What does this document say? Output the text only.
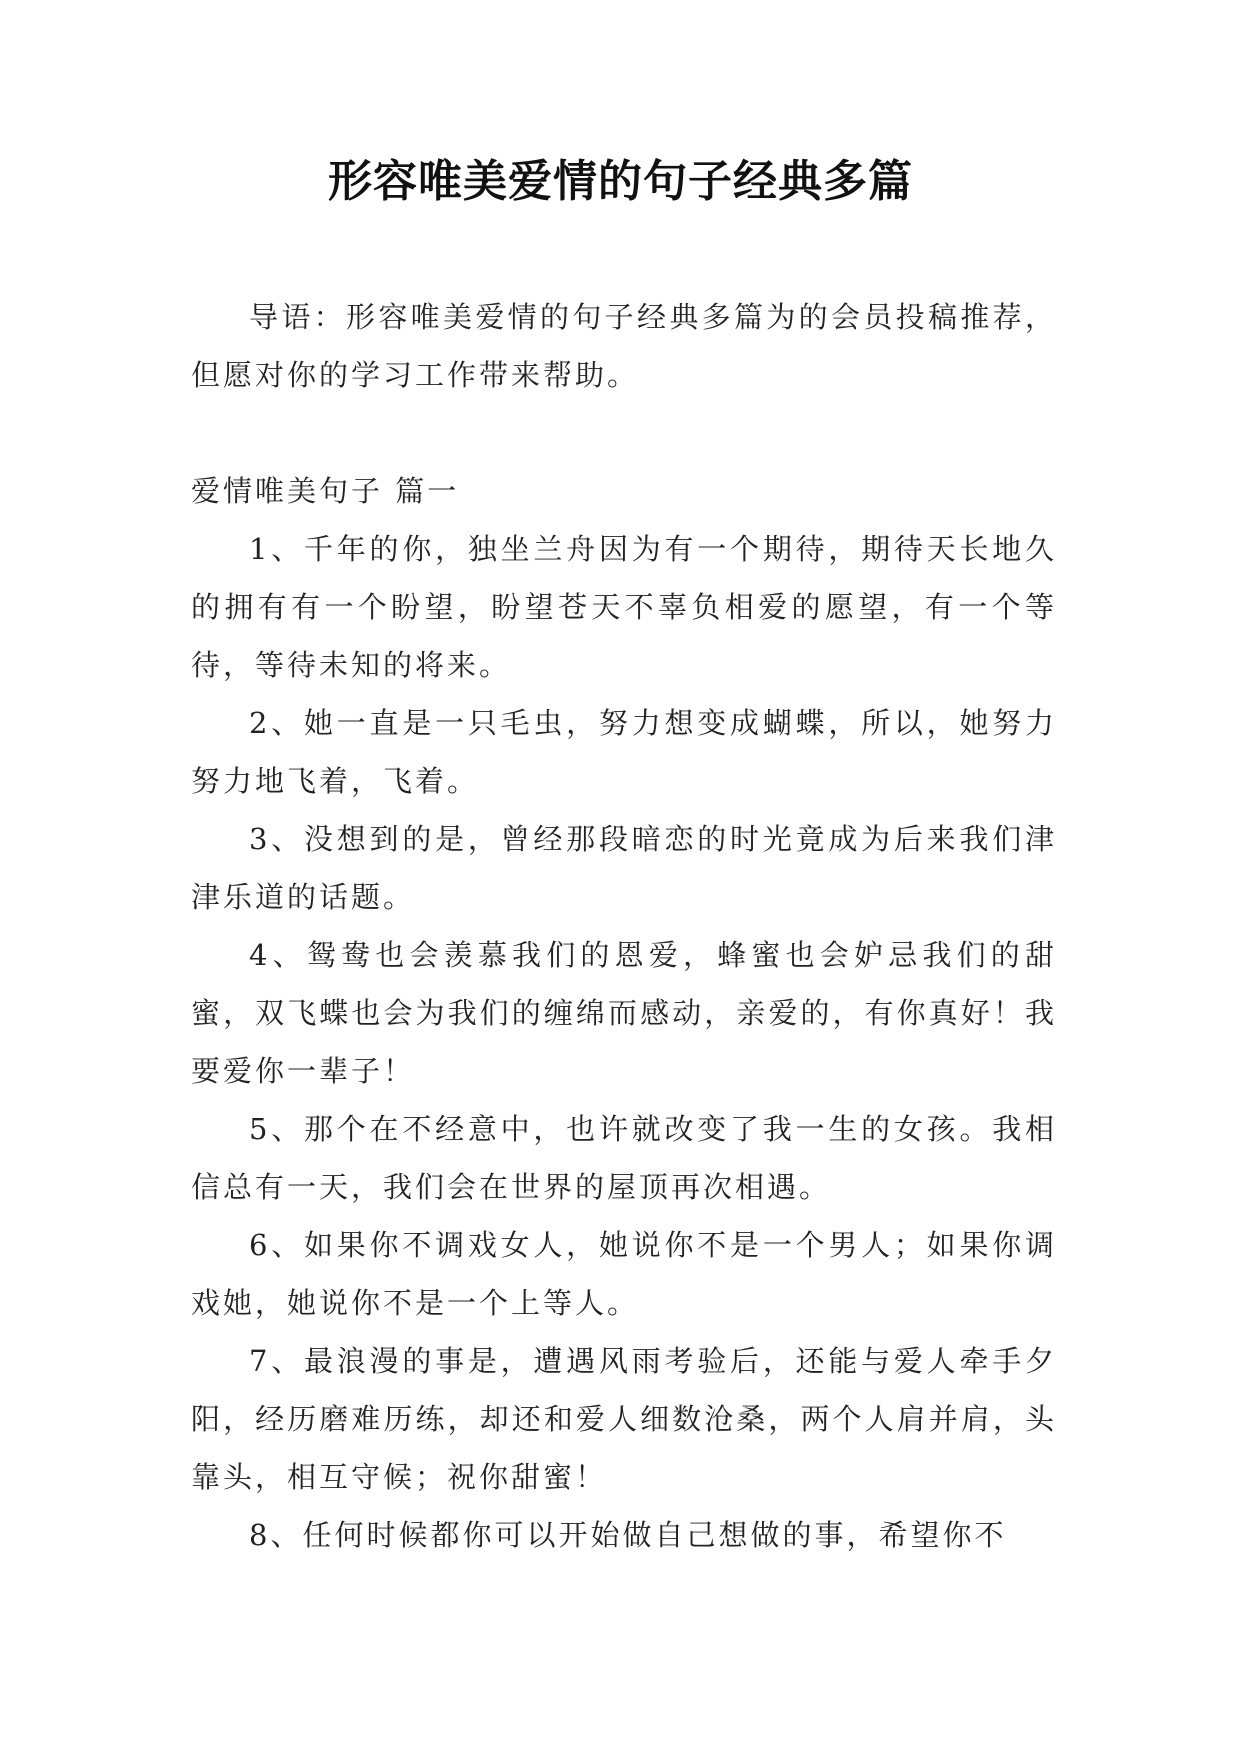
形容唯美爱情的句子经典多篇

导语：形容唯美爱情的句子经典多篇为的会员投稿推荐，但愿对你的学习工作带来帮助。

爱情唯美句子 篇一

1、千年的你，独坐兰舟因为有一个期待，期待天长地久的拥有有一个盼望，盼望苍天不辜负相爱的愿望，有一个等待，等待未知的将来。

2、她一直是一只毛虫，努力想变成蝴蝶，所以，她努力努力地飞着，飞着。

3、没想到的是，曾经那段暗恋的时光竟成为后来我们津津乐道的话题。

4、鸳鸯也会羡慕我们的恩爱，蜂蜜也会妒忌我们的甜蜜，双飞蝶也会为我们的缠绵而感动，亲爱的，有你真好！我要爱你一辈子！

5、那个在不经意中，也许就改变了我一生的女孩。我相信总有一天，我们会在世界的屋顶再次相遇。

6、如果你不调戏女人，她说你不是一个男人；如果你调戏她，她说你不是一个上等人。

7、最浪漫的事是，遭遇风雨考验后，还能与爱人牵手夕阳，经历磨难历练，却还和爱人细数沧桑，两个人肩并肩，头靠头，相互守候；祝你甜蜜！

8、任何时候都你可以开始做自己想做的事，希望你不
